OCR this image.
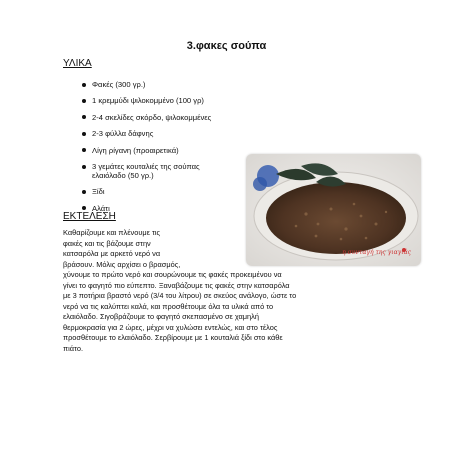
3.φακες σούπα
ΥΛΙΚΑ
Φακές (300 γρ.)
1 κρεμμύδι ψιλοκομμένο (100 γρ)
2-4 σκελίδες σκόρδο, ψιλοκομμένες
2-3 φύλλα δάφνης
Λίγη ρίγανη (προαιρετικά)
3 γεμάτες κουταλιές της σούπας ελαιόλαδο (50 γρ.)
Ξίδι
Αλάτι
ΕΚΤΕΛΕΣΗ
Καθαρίζουμε και πλένουμε τις
φακές και τις βάζουμε στην
κατσαρόλα με αρκετό νερό να
βράσουν. Μόλις αρχίσει ο βρασμός,
χύνουμε το πρώτο νερό και σουρώνουμε τις φακές προκειμένου να
γίνει το φαγητό πιο εύπεπτο. Ξαναβάζουμε τις φακές στην κατσαρόλα
με 3 ποτήρια βραστό νερό (3/4 του λίτρου) σε σκεύος ανάλογο, ώστε το
νερό να τις καλύπτει καλά, και προσθέτουμε όλα τα υλικά από το
ελαιόλαδο. Σιγοβράζουμε το φαγητό σκεπασμένο σε χαμηλή
θερμοκρασία για 2 ώρες, μέχρι να χυλώσει εντελώς, και στο τέλος
προσθέτουμε το ελαιόλαδο. Σερβίρουμε με 1 κουταλιά ξίδι στο κάθε
πιάτο.
η συνταγή της γιαγιάς
